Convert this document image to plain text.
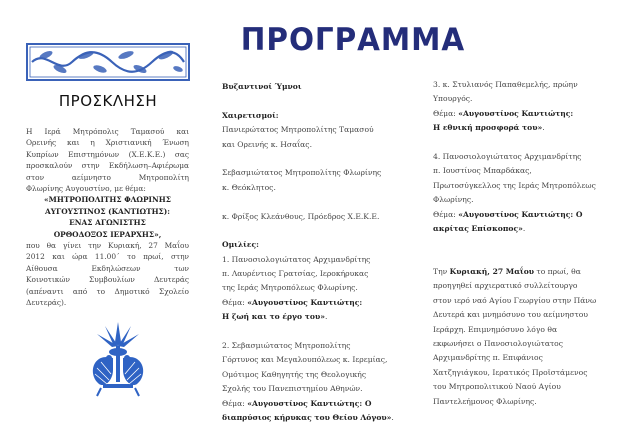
ΠΡΟΣΚΛΗΣΗ
Η Ιερά Μητρόπολις Ταμασού και
Ορεινής και η Χριστιανική Ένωση
Κυπρίων Επιστημόνων (Χ.Ε.Κ.Ε.) σας
προσκαλούν στην Εκδήλωση–Αφιέρωμα
στον αείμνηστο Μητροπολίτη
Φλωρίνης Αυγουστίνο, με θέμα:
«ΜΗΤΡΟΠΟΛΙΤΗΣ ΦΛΩΡΙΝΗΣ
ΑΥΓΟΥΣΤΙΝΟΣ (ΚΑΝΤΙΩΤΗΣ):
ΕΝΑΣ ΑΓΩΝΙΣΤΗΣ
ΟΡΘΟΔΟΞΟΣ ΙΕΡΑΡΧΗΣ»,
που θα γίνει την Κυριακή, 27 Μαΐου
2012 και ώρα 11.00΄ το πρωί, στην
Αίθουσα Εκδηλώσεων των
Κοινοτικών Συμβουλίων Δευτεράς
(απέναντι από το Δημοτικό Σχολείο
Δευτεράς).
ΠΡΟΓΡΑΜΜΑ
Βυζαντινοί Ύμνοι
Χαιρετισμοί:
Πανιερώτατος Μητροπολίτης Ταμασού
και Ορεινής κ. Ησαΐας.
Σεβασμιώτατος Μητροπολίτης Φλωρίνης
κ. Θεόκλητος.
κ. Φρίξος Κλεάνθους, Πρόεδρος Χ.Ε.Κ.Ε.
Ομιλίες:
1. Πανοσιολογιώτατος Αρχιμανδρίτης
π. Λαυρέντιος Γρατσίας, Ιεροκήρυκας
της Ιεράς Μητροπόλεως Φλωρίνης.
Θέμα: «Αυγουστίνος Καντιώτης:
Η ζωή και το έργο του».
2. Σεβασμιώτατος Μητροπολίτης
Γόρτυνος και Μεγαλουπόλεως κ. Ιερεμίας,
Ομότιμος Καθηγητής της Θεολογικής
Σχολής του Πανεπιστημίου Αθηνών.
Θέμα: «Αυγουστίνος Καντιώτης: Ο
διαπρύσιος κήρυκας του Θείου Λόγου».
3. κ. Στυλιανός Παπαθεμελής, πρώην
Υπουργός.
Θέμα: «Αυγουστίνος Καντιώτης:
Η εθνική προσφορά του».
4. Πανοσιολογιώτατος Αρχιμανδρίτης
π. Ιουστίνος Μπαρδάκας,
Πρωτοσύγκελλος της Ιεράς Μητροπόλεως
Φλωρίνης.
Θέμα: «Αυγουστίνος Καντιώτης: Ο
ακρίτας Επίσκοπος».
Την Κυριακή, 27 Μαΐου το πρωί, θα
προηγηθεί αρχιερατικό συλλείτουργο
στον ιερό ναό Αγίου Γεωργίου στην Πάνω
Δευτερά και μνημόσυνο του αείμνηστου
Ιεράρχη. Επιμνημόσυνο λόγο θα
εκφωνήσει ο Πανοσιολογιώτατος
Αρχιμανδρίτης π. Επιφάνιος
Χατζηγιάγκου, Ιερατικός Προϊστάμενος
του Μητροπολιτικού Ναού Αγίου
Παντελεήμονος Φλωρίνης.
